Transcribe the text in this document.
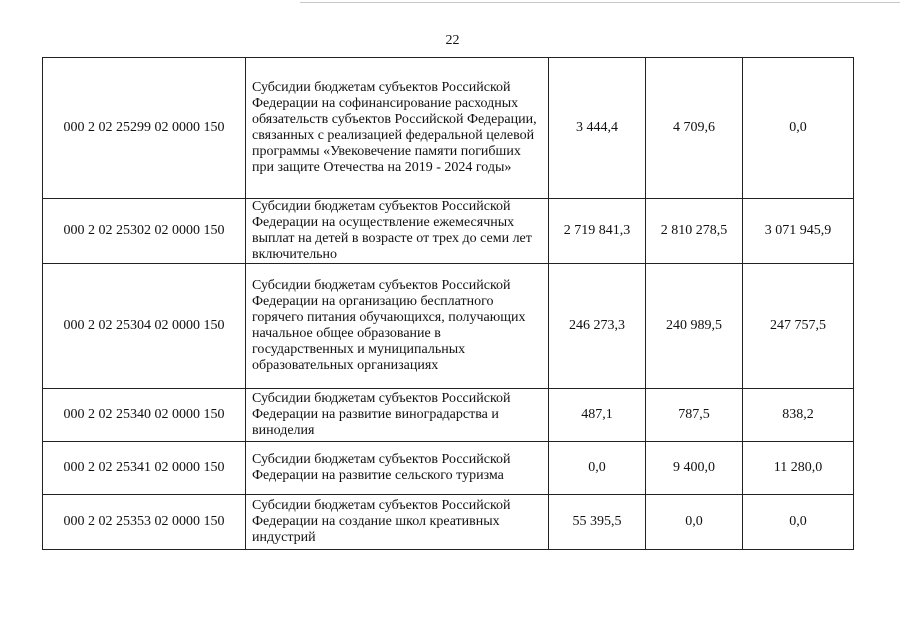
22
000 2 02 25299 02 0000 150	Субсидии бюджетам субъектов Российской Федерации на софинансирование расходных обязательств субъектов Российской Федерации, связанных с реализацией федеральной целевой программы «Увековечение памяти погибших при защите Отечества на 2019 - 2024 годы»	3 444,4	4 709,6	0,0
000 2 02 25302 02 0000 150	Субсидии бюджетам субъектов Российской Федерации на осуществление ежемесячных выплат на детей в возрасте от трех до семи лет включительно	2 719 841,3	2 810 278,5	3 071 945,9
000 2 02 25304 02 0000 150	Субсидии бюджетам субъектов Российской Федерации на организацию бесплатного горячего питания обучающихся, получающих начальное общее образование в государственных и муниципальных образовательных организациях	246 273,3	240 989,5	247 757,5
000 2 02 25340 02 0000 150	Субсидии бюджетам субъектов Российской Федерации на развитие виноградарства и виноделия	487,1	787,5	838,2
000 2 02 25341 02 0000 150	Субсидии бюджетам субъектов Российской Федерации на развитие сельского туризма	0,0	9 400,0	11 280,0
000 2 02 25353 02 0000 150	Субсидии бюджетам субъектов Российской Федерации на создание школ креативных индустрий	55 395,5	0,0	0,0
